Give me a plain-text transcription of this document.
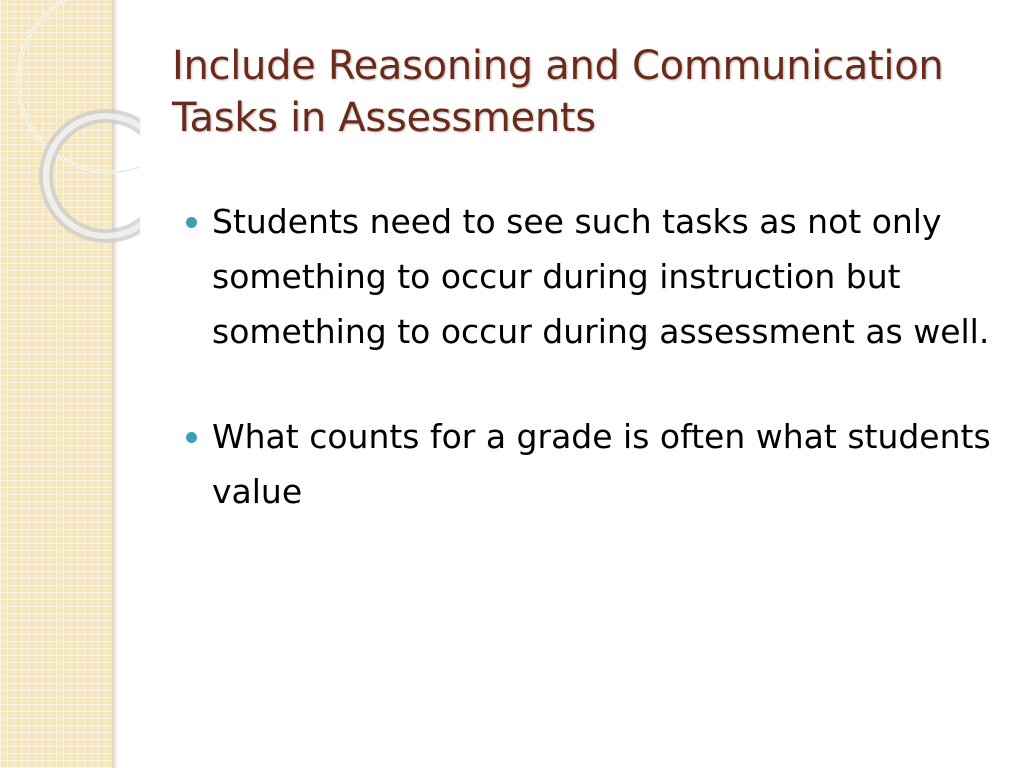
Include Reasoning and Communication Tasks in Assessments
Students need to see such tasks as not only something to occur during instruction but something to occur during assessment as well.
What counts for a grade is often what students value
